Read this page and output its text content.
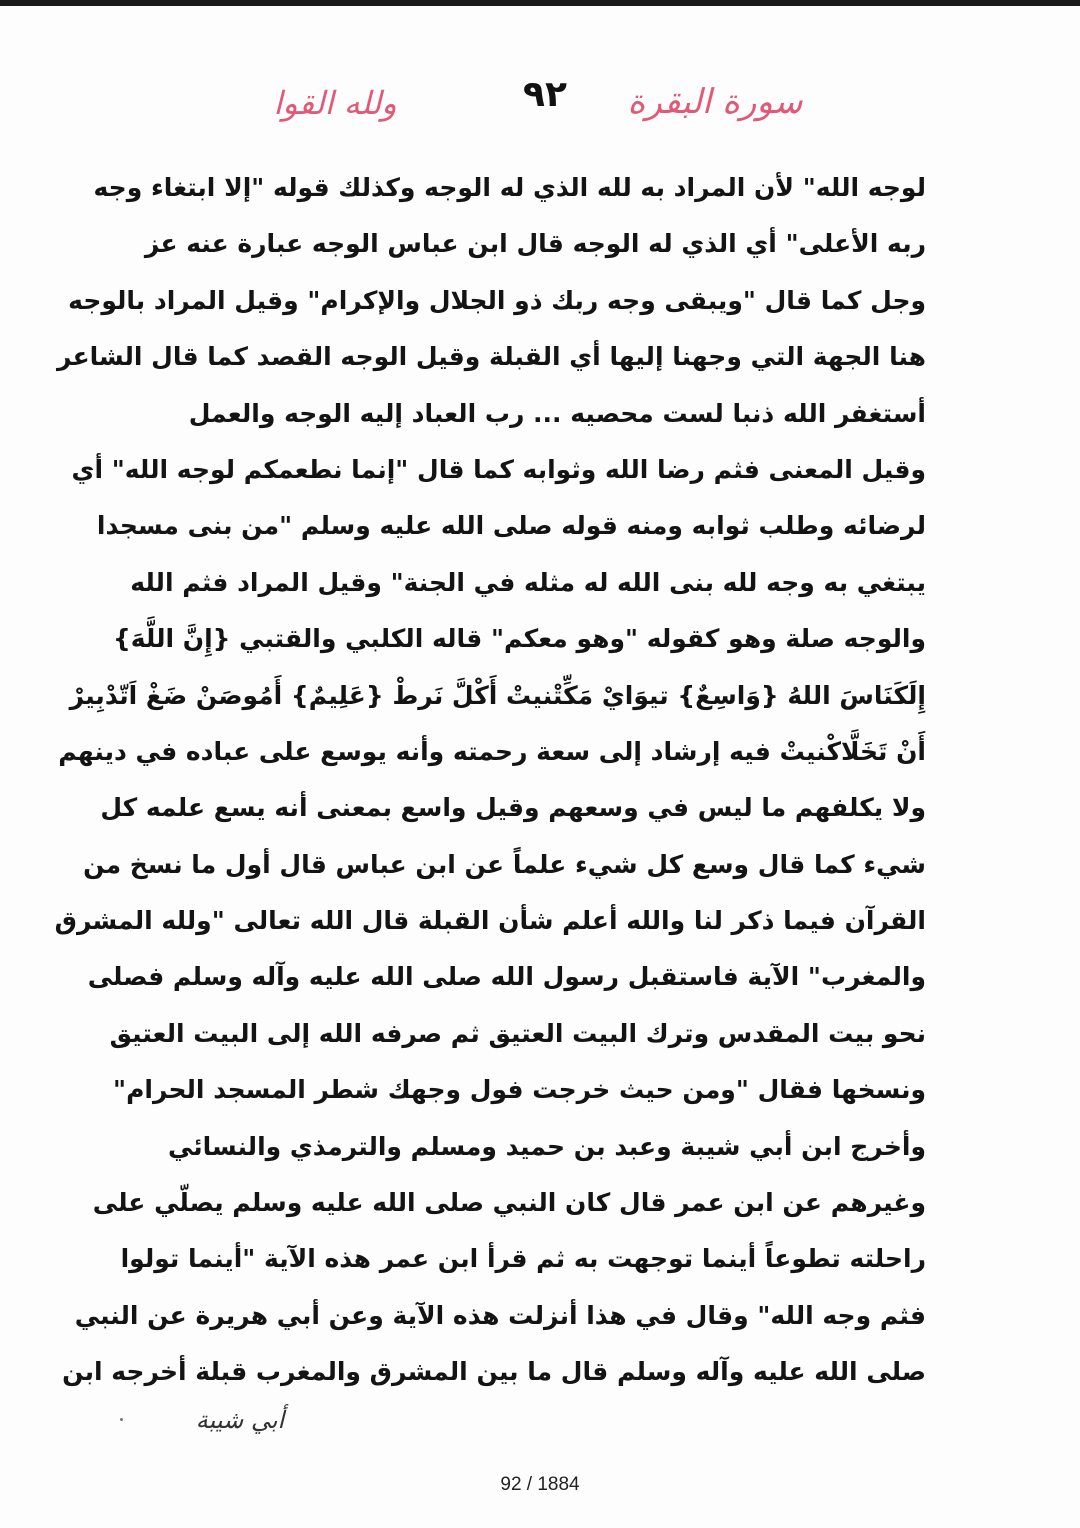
سورة البقرة
٩٢
ولله القوا
لوجه الله" لأن المراد به لله الذي له الوجه وكذلك قوله "إلا ابتغاء وجه
ربه الأعلى" أي الذي له الوجه قال ابن عباس الوجه عبارة عنه عز
وجل كما قال "ويبقى وجه ربك ذو الجلال والإكرام" وقيل المراد بالوجه
هنا الجهة التي وجهنا إليها أي القبلة وقيل الوجه القصد كما قال الشاعر
أستغفر الله ذنبا لست محصيه ... رب العباد إليه الوجه والعمل
وقيل المعنى فثم رضا الله وثوابه كما قال "إنما نطعمكم لوجه الله" أي
لرضائه وطلب ثوابه ومنه قوله صلى الله عليه وسلم "من بنى مسجدا
يبتغي به وجه لله بنى الله له مثله في الجنة" وقيل المراد فثم الله
والوجه صلة وهو كقوله "وهو معكم" قاله الكلبي والقتبي {إِنَّ اللَّهَ}
إِلَكَنَاسَ اللهُ {وَاسِعٌ} تيوَايْ مَكِّتْنيتْ أَكْلَّ نَرطْ {عَلِيمٌ} أَمُوصَنْ ضَغْ اَتّدْبِيرْ
أَنْ تَخَلَّاكْنيتْ فيه إرشاد إلى سعة رحمته وأنه يوسع على عباده في دينهم
ولا يكلفهم ما ليس في وسعهم وقيل واسع بمعنى أنه يسع علمه كل
شيء كما قال وسع كل شيء علماً عن ابن عباس قال أول ما نسخ من
القرآن فيما ذكر لنا والله أعلم شأن القبلة قال الله تعالى "ولله المشرق
والمغرب" الآية فاستقبل رسول الله صلى الله عليه وآله وسلم فصلى
نحو بيت المقدس وترك البيت العتيق ثم صرفه الله إلى البيت العتيق
ونسخها فقال "ومن حيث خرجت فول وجهك شطر المسجد الحرام"
وأخرج ابن أبي شيبة وعبد بن حميد ومسلم والترمذي والنسائي
وغيرهم عن ابن عمر قال كان النبي صلى الله عليه وسلم يصلّي على
راحلته تطوعاً أينما توجهت به ثم قرأ ابن عمر هذه الآية "أينما تولوا
فثم وجه الله" وقال في هذا أنزلت هذه الآية وعن أبي هريرة عن النبي
صلى الله عليه وآله وسلم قال ما بين المشرق والمغرب قبلة أخرجه ابن
أبي شيبة
92 / 1884
